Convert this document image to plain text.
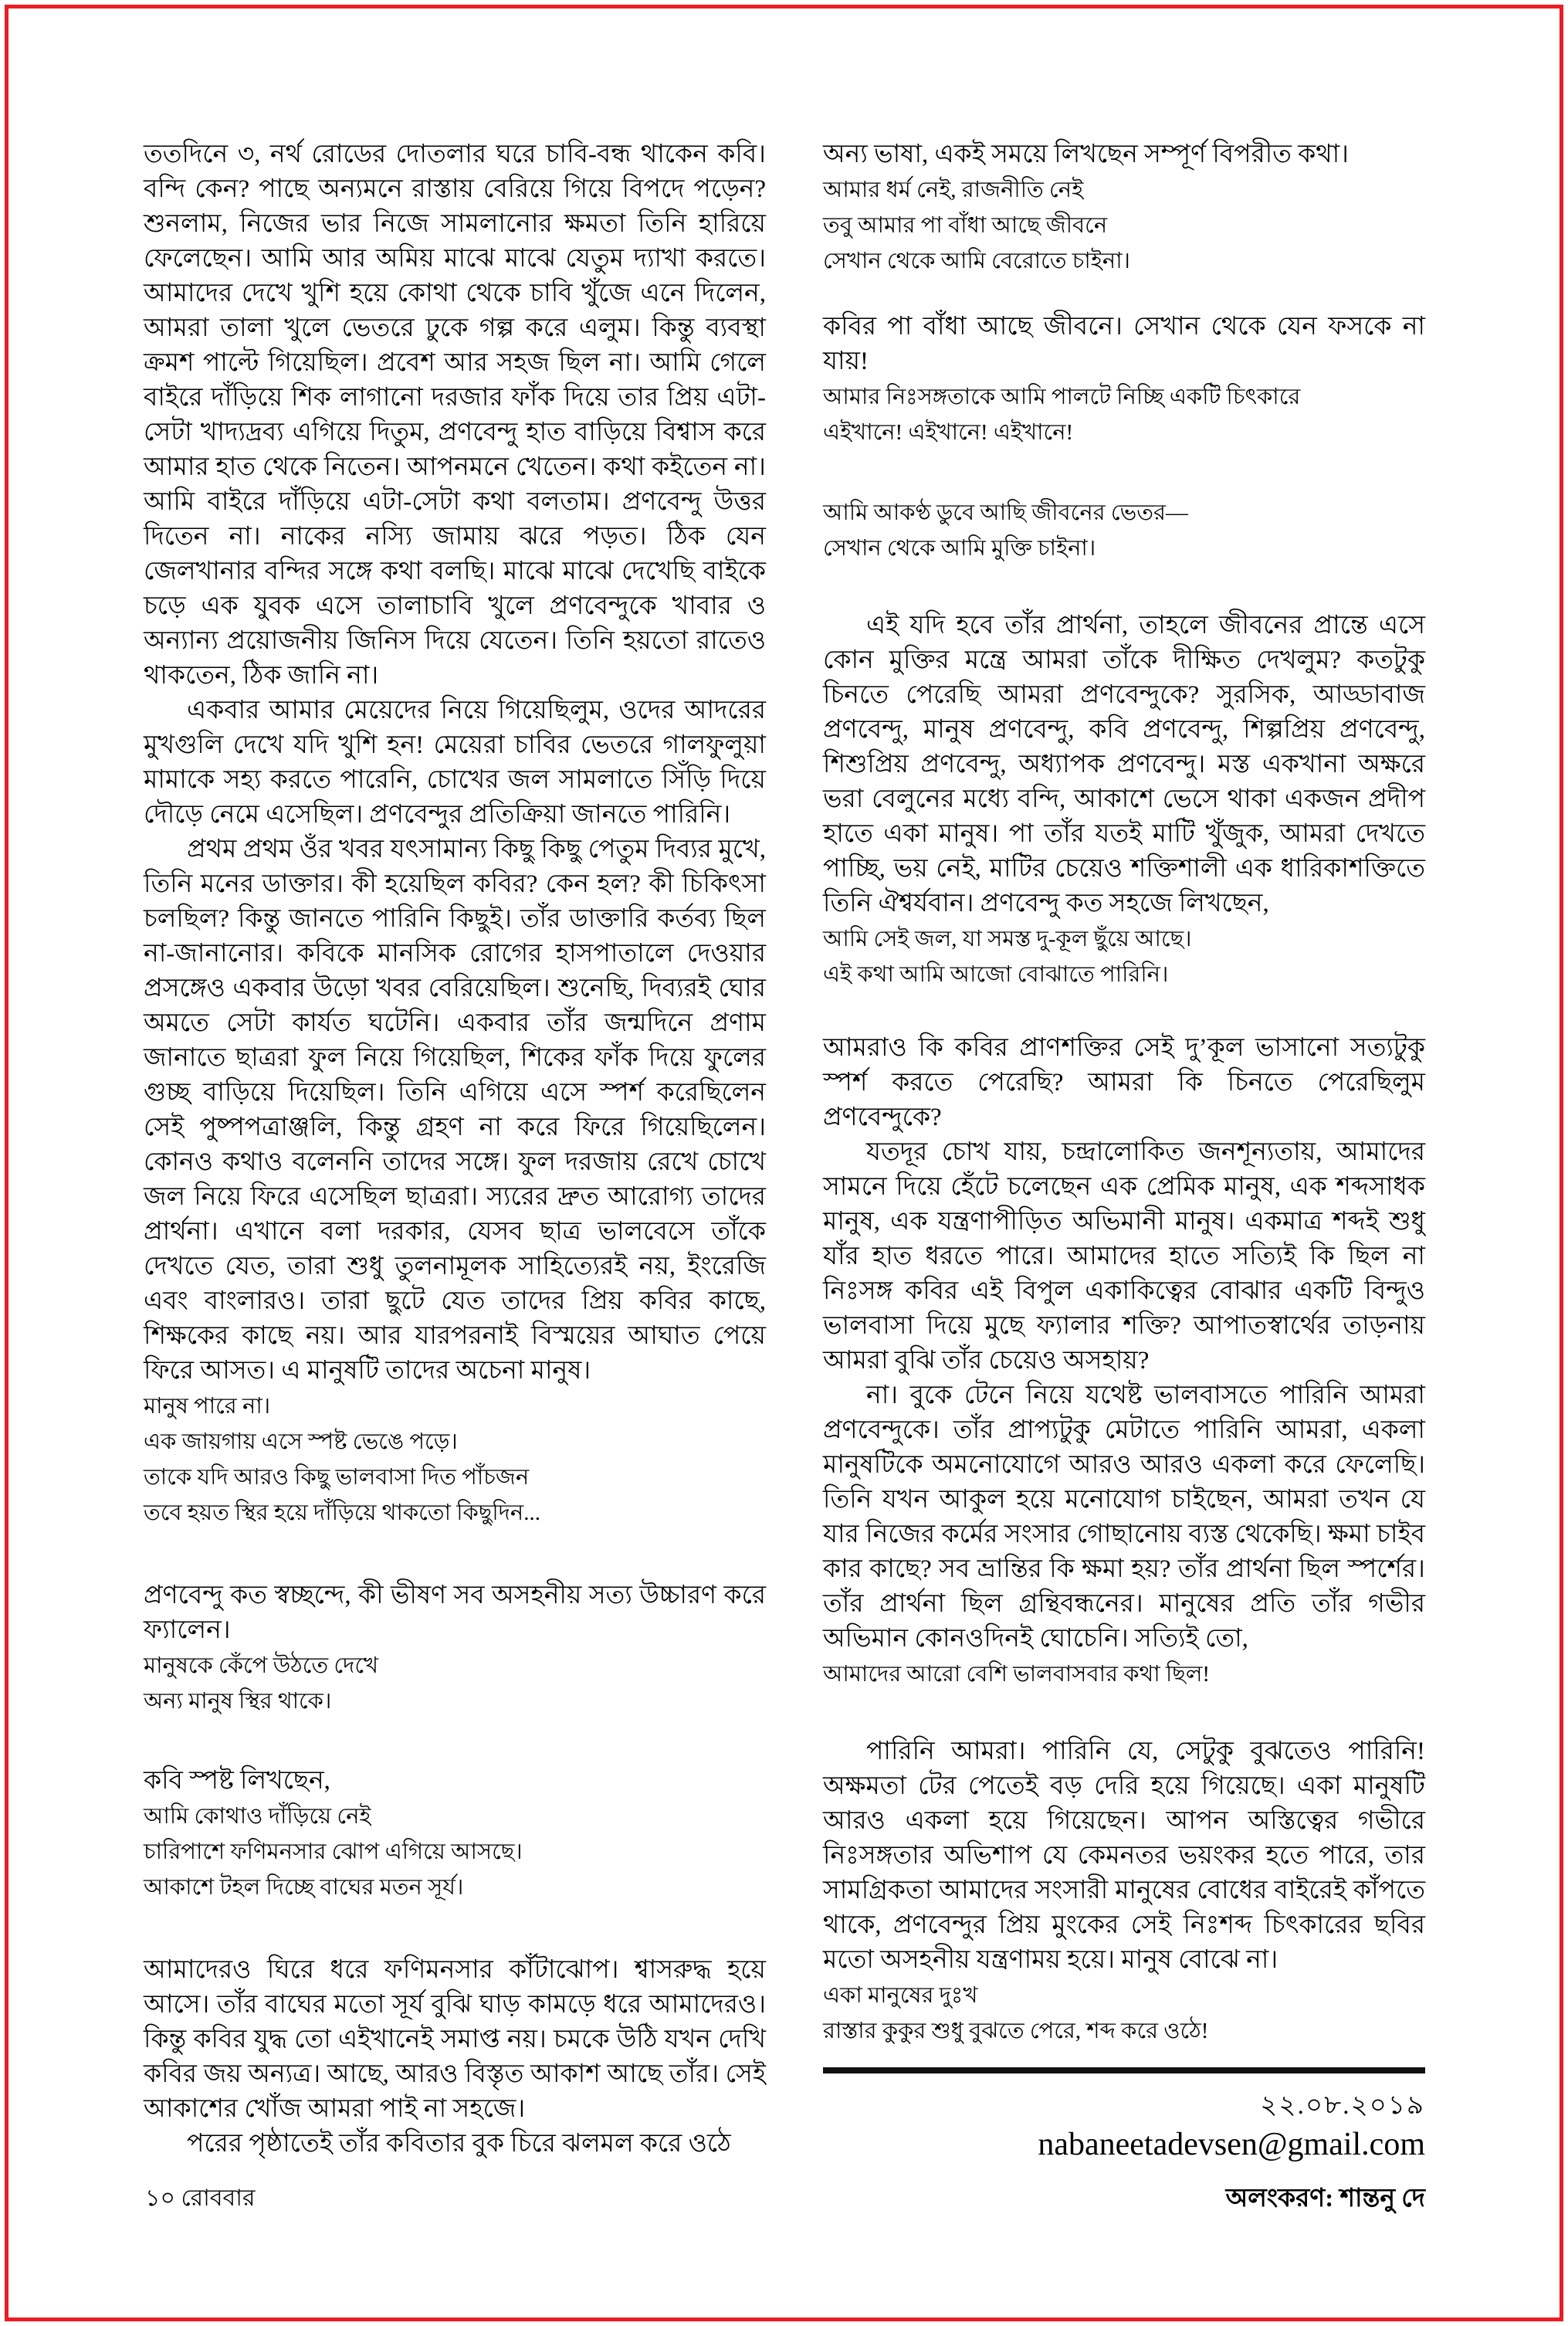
ততদিনে ৩, নর্থ রোডের দোতলার ঘরে চাবি-বন্ধ থাকেন কবি। বন্দি কেন? পাছে অন্যমনে রাস্তায় বেরিয়ে গিয়ে বিপদে পড়েন? শুনলাম, নিজের ভার নিজে সামলানোর ক্ষমতা তিনি হারিয়ে ফেলেছেন। আমি আর অমিয় মাঝে মাঝে যেতুম দ্যাখা করতে। আমাদের দেখে খুশি হয়ে কোথা থেকে চাবি খুঁজে এনে দিলেন, আমরা তালা খুলে ভেতরে ঢুকে গল্প করে এলুম। কিন্তু ব্যবস্থা ক্রমশ পাল্টে গিয়েছিল। প্রবেশ আর সহজ ছিল না। আমি গেলে বাইরে দাঁড়িয়ে শিক লাগানো দরজার ফাঁক দিয়ে তার প্রিয় এটা-সেটা খাদ্যদ্রব্য এগিয়ে দিতুম, প্রণবেন্দু হাত বাড়িয়ে বিশ্বাস করে আমার হাত থেকে নিতেন। আপনমনে খেতেন। কথা কইতেন না। আমি বাইরে দাঁড়িয়ে এটা-সেটা কথা বলতাম। প্রণবেন্দু উত্তর দিতেন না। নাকের নস্যি জামায় ঝরে পড়ত। ঠিক যেন জেলখানার বন্দির সঙ্গে কথা বলছি। মাঝে মাঝে দেখেছি বাইকে চড়ে এক যুবক এসে তালাচাবি খুলে প্রণবেন্দুকে খাবার ও অন্যান্য প্রয়োজনীয় জিনিস দিয়ে যেতেন। তিনি হয়তো রাতেও থাকতেন, ঠিক জানি না।

একবার আমার মেয়েদের নিয়ে গিয়েছিলুম, ওদের আদরের মুখগুলি দেখে যদি খুশি হন! মেয়েরা চাবির ভেতরে গালফুলুয়া মামাকে সহ্য করতে পারেনি, চোখের জল সামলাতে সিঁড়ি দিয়ে দৌড়ে নেমে এসেছিল। প্রণবেন্দুর প্রতিক্রিয়া জানতে পারিনি।

প্রথম প্রথম ওঁর খবর যৎসামান্য কিছু কিছু পেতুম দিব্যর মুখে, তিনি মনের ডাক্তার। কী হয়েছিল কবির? কেন হল? কী চিকিৎসা চলছিল? কিন্তু জানতে পারিনি কিছুই। তাঁর ডাক্তারি কর্তব্য ছিল না-জানানোর। কবিকে মানসিক রোগের হাসপাতালে দেওয়ার প্রসঙ্গেও একবার উড়ো খবর বেরিয়েছিল। শুনেছি, দিব্যরই ঘোর অমতে সেটা কার্যত ঘটেনি। একবার তাঁর জন্মদিনে প্রণাম জানাতে ছাত্ররা ফুল নিয়ে গিয়েছিল, শিকের ফাঁক দিয়ে ফুলের গুচ্ছ বাড়িয়ে দিয়েছিল। তিনি এগিয়ে এসে স্পর্শ করেছিলেন সেই পুষ্পপত্রাঞ্জলি, কিন্তু গ্রহণ না করে ফিরে গিয়েছিলেন। কোনও কথাও বলেননি তাদের সঙ্গে। ফুল দরজায় রেখে চোখে জল নিয়ে ফিরে এসেছিল ছাত্ররা। স্যরের দ্রুত আরোগ্য তাদের প্রার্থনা। এখানে বলা দরকার, যেসব ছাত্র ভালবেসে তাঁকে দেখতে যেত, তারা শুধু তুলনামূলক সাহিত্যেরই নয়, ইংরেজি এবং বাংলারও। তারা ছুটে যেত তাদের প্রিয় কবির কাছে, শিক্ষকের কাছে নয়। আর যারপরনাই বিস্ময়ের আঘাত পেয়ে ফিরে আসত। এ মানুষটি তাদের অচেনা মানুষ।

মানুষ পারে না।
এক জায়গায় এসে স্পষ্ট ভেঙে পড়ে।
তাকে যদি আরও কিছু ভালবাসা দিত পাঁচজন
তবে হয়ত স্থির হয়ে দাঁড়িয়ে থাকতো কিছুদিন...

প্রণবেন্দু কত স্বচ্ছন্দে, কী ভীষণ সব অসহনীয় সত্য উচ্চারণ করে ফ্যালেন।

মানুষকে কেঁপে উঠতে দেখে
অন্য মানুষ স্থির থাকে।

কবি স্পষ্ট লিখছেন,

আমি কোথাও দাঁড়িয়ে নেই
চারিপাশে ফণিমনসার ঝোপ এগিয়ে আসছে।
আকাশে টহল দিচ্ছে বাঘের মতন সূর্য।

আমাদেরও ঘিরে ধরে ফণিমনসার কাঁটাঝোপ। শ্বাসরুদ্ধ হয়ে আসে। তাঁর বাঘের মতো সূর্য বুঝি ঘাড় কামড়ে ধরে আমাদেরও। কিন্তু কবির যুদ্ধ তো এইখানেই সমাপ্ত নয়। চমকে উঠি যখন দেখি কবির জয় অন্যত্র। আছে, আরও বিস্তৃত আকাশ আছে তাঁর। সেই আকাশের খোঁজ আমরা পাই না সহজে।

পরের পৃষ্ঠাতেই তাঁর কবিতার বুক চিরে ঝলমল করে ওঠে

অন্য ভাষা, একই সময়ে লিখছেন সম্পূর্ণ বিপরীত কথা।

আমার ধর্ম নেই, রাজনীতি নেই
তবু আমার পা বাঁধা আছে জীবনে
সেখান থেকে আমি বেরোতে চাইনা।

কবির পা বাঁধা আছে জীবনে। সেখান থেকে যেন ফসকে না যায়!

আমার নিঃসঙ্গতাকে আমি পালটে নিচ্ছি একটি চিৎকারে
এইখানে! এইখানে! এইখানে!
আমি আকণ্ঠ ডুবে আছি জীবনের ভেতর—
সেখান থেকে আমি মুক্তি চাইনা।

এই যদি হবে তাঁর প্রার্থনা, তাহলে জীবনের প্রান্তে এসে কোন মুক্তির মন্ত্রে আমরা তাঁকে দীক্ষিত দেখলুম? কতটুকু চিনতে পেরেছি আমরা প্রণবেন্দুকে? সুরসিক, আড্ডাবাজ প্রণবেন্দু, মানুষ প্রণবেন্দু, কবি প্রণবেন্দু, শিল্পপ্রিয় প্রণবেন্দু, শিশুপ্রিয় প্রণবেন্দু, অধ্যাপক প্রণবেন্দু। মস্ত একখানা অক্ষরে ভরা বেলুনের মধ্যে বন্দি, আকাশে ভেসে থাকা একজন প্রদীপ হাতে একা মানুষ। পা তাঁর যতই মাটি খুঁজুক, আমরা দেখতে পাচ্ছি, ভয় নেই, মাটির চেয়েও শক্তিশালী এক ধারিকাশক্তিতে তিনি ঐশ্বর্যবান। প্রণবেন্দু কত সহজে লিখছেন,

আমি সেই জল, যা সমস্ত দু-কূল ছুঁয়ে আছে।
এই কথা আমি আজো বোঝাতে পারিনি।

আমরাও কি কবির প্রাণশক্তির সেই দু’কূল ভাসানো সত্যটুকু স্পর্শ করতে পেরেছি? আমরা কি চিনতে পেরেছিলুম প্রণবেন্দুকে?

যতদূর চোখ যায়, চন্দ্রালোকিত জনশূন্যতায়, আমাদের সামনে দিয়ে হেঁটে চলেছেন এক প্রেমিক মানুষ, এক শব্দসাধক মানুষ, এক যন্ত্রণাপীড়িত অভিমানী মানুষ। একমাত্র শব্দই শুধু যাঁর হাত ধরতে পারে। আমাদের হাতে সত্যিই কি ছিল না নিঃসঙ্গ কবির এই বিপুল একাকিত্বের বোঝার একটি বিন্দুও ভালবাসা দিয়ে মুছে ফ্যালার শক্তি? আপাতস্বার্থের তাড়নায় আমরা বুঝি তাঁর চেয়েও অসহায়?

না। বুকে টেনে নিয়ে যথেষ্ট ভালবাসতে পারিনি আমরা প্রণবেন্দুকে। তাঁর প্রাপ্যটুকু মেটাতে পারিনি আমরা, একলা মানুষটিকে অমনোযোগে আরও আরও একলা করে ফেলেছি। তিনি যখন আকুল হয়ে মনোযোগ চাইছেন, আমরা তখন যে যার নিজের কর্মের সংসার গোছানোয় ব্যস্ত থেকেছি। ক্ষমা চাইব কার কাছে? সব ভ্রান্তির কি ক্ষমা হয়? তাঁর প্রার্থনা ছিল স্পর্শের। তাঁর প্রার্থনা ছিল গ্রন্থিবন্ধনের। মানুষের প্রতি তাঁর গভীর অভিমান কোনওদিনই ঘোচেনি। সত্যিই তো,

আমাদের আরো বেশি ভালবাসবার কথা ছিল!

পারিনি আমরা। পারিনি যে, সেটুকু বুঝতেও পারিনি! অক্ষমতা টের পেতেই বড় দেরি হয়ে গিয়েছে। একা মানুষটি আরও একলা হয়ে গিয়েছেন। আপন অস্তিত্বের গভীরে নিঃসঙ্গতার অভিশাপ যে কেমনতর ভয়ংকর হতে পারে, তার সামগ্রিকতা আমাদের সংসারী মানুষের বোধের বাইরেই কাঁপতে থাকে, প্রণবেন্দুর প্রিয় মুংকের সেই নিঃশব্দ চিৎকারের ছবির মতো অসহনীয় যন্ত্রণাময় হয়ে। মানুষ বোঝে না।

একা মানুষের দুঃখ
রাস্তার কুকুর শুধু বুঝতে পেরে, শব্দ করে ওঠে!
২২.০৮.২০১৯
nabaneetadevsen@gmail.com
অলংকরণ: শান্তনু দে
১০ রোববার
